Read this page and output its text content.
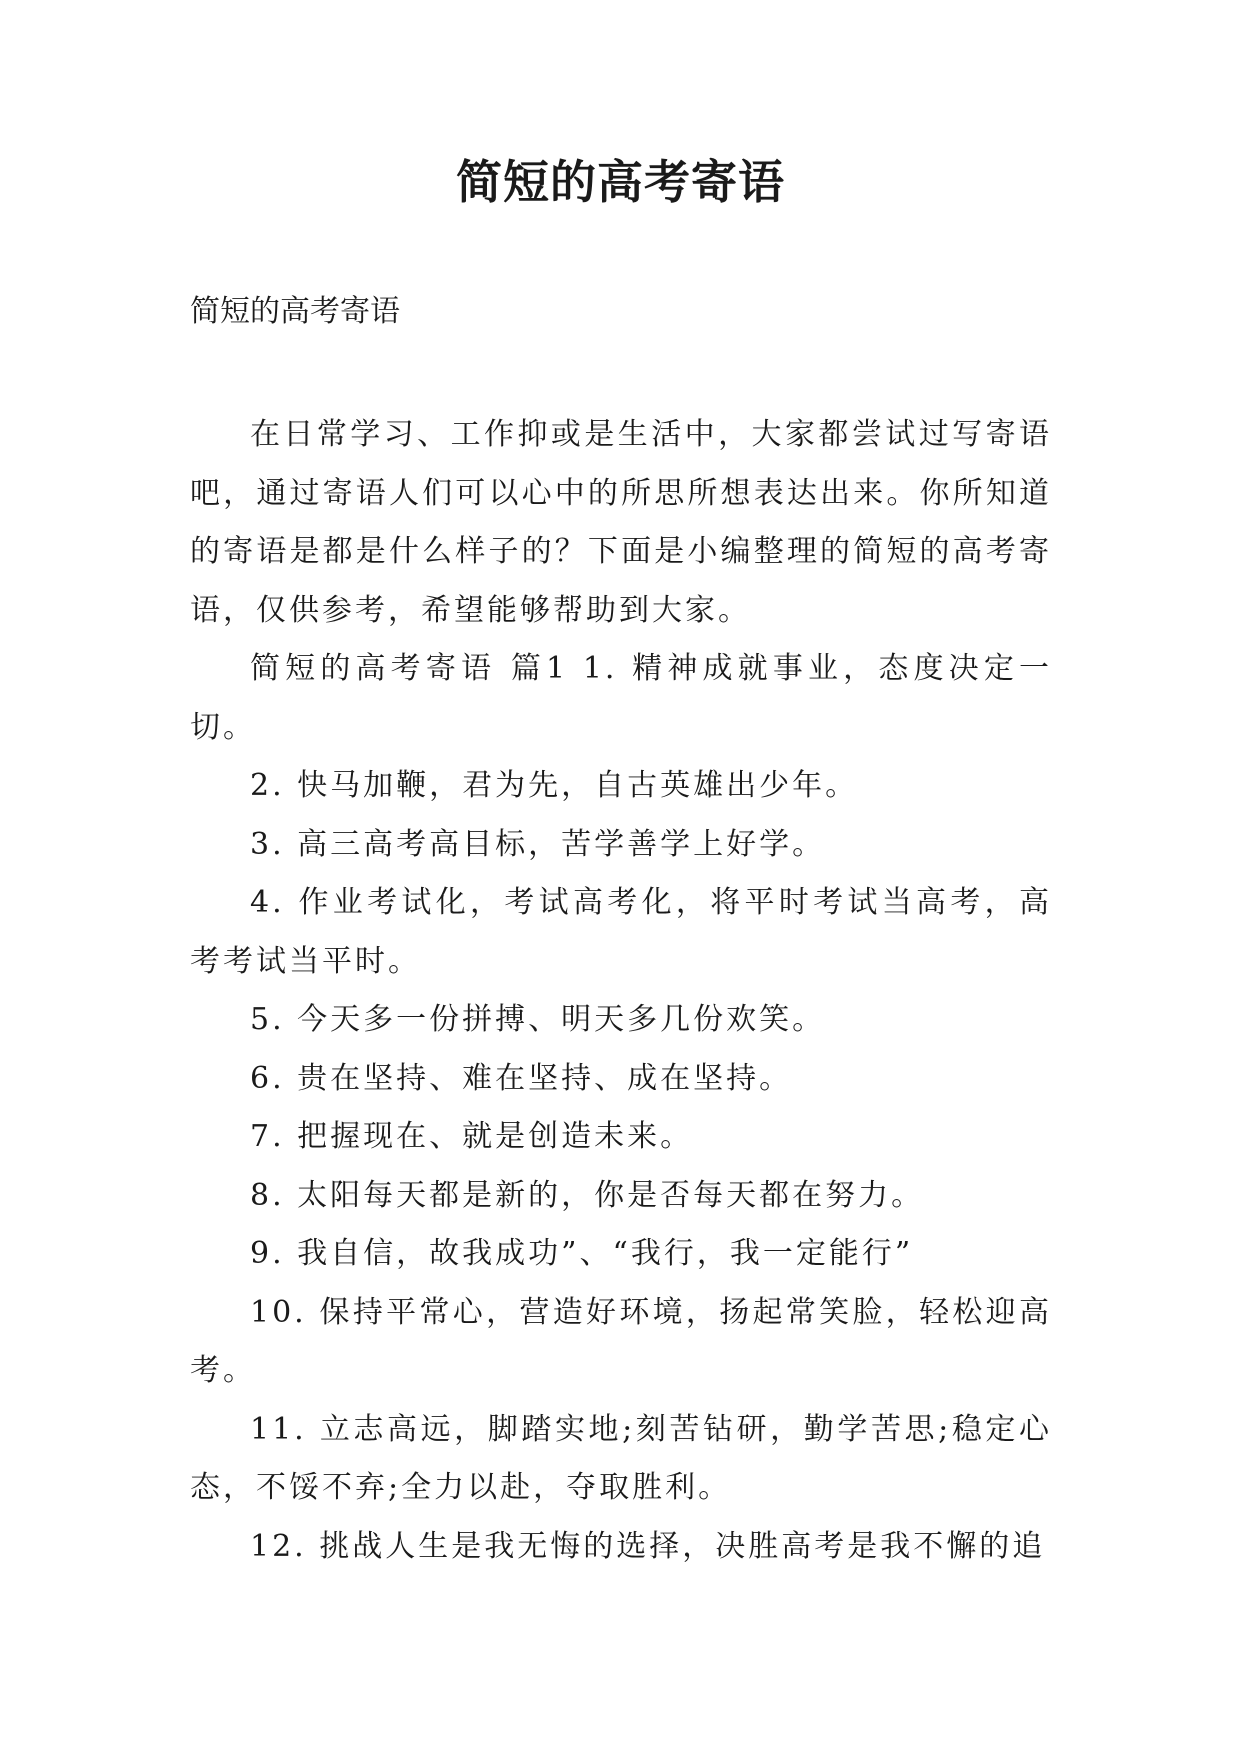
简短的高考寄语
简短的高考寄语

在日常学习、工作抑或是生活中，大家都尝试过写寄语吧，通过寄语人们可以心中的所思所想表达出来。你所知道的寄语是都是什么样子的？下面是小编整理的简短的高考寄语，仅供参考，希望能够帮助到大家。

简短的高考寄语 篇1 1. 精神成就事业，态度决定一切。

2. 快马加鞭，君为先，自古英雄出少年。

3. 高三高考高目标，苦学善学上好学。

4. 作业考试化，考试高考化，将平时考试当高考，高考考试当平时。

5. 今天多一份拼搏、明天多几份欢笑。

6. 贵在坚持、难在坚持、成在坚持。

7. 把握现在、就是创造未来。

8. 太阳每天都是新的，你是否每天都在努力。

9. 我自信，故我成功”、“我行，我一定能行”

10. 保持平常心，营造好环境，扬起常笑脸，轻松迎高考。

11. 立志高远，脚踏实地;刻苦钻研，勤学苦思;稳定心态，不馁不弃;全力以赴，夺取胜利。

12. 挑战人生是我无悔的选择，决胜高考是我不懈的追
